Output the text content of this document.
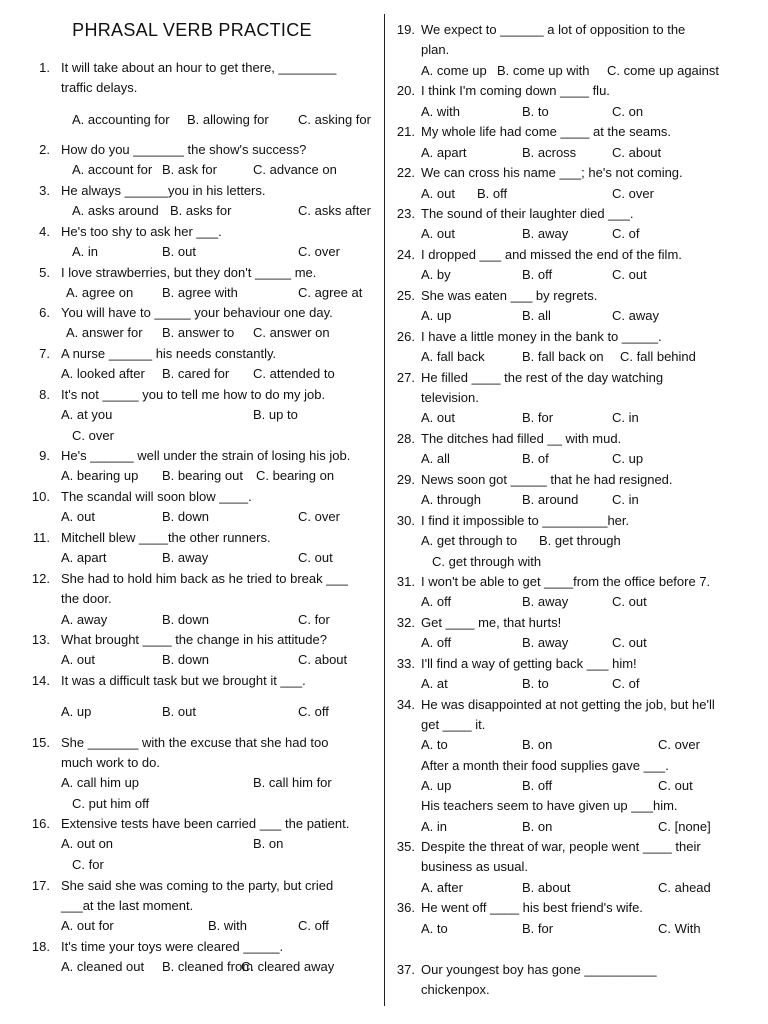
PHRASAL VERB PRACTICE
1. It will take about an hour to get there, ________
traffic delays.
A. accounting for B. allowing for C. asking for
2. How do you _______ the show's success?
A. account for B. ask for	C. advance on
3. He always ______you in his letters.
A. asks around B. asks for	C. asks after
4. He's too shy to ask her ___.
A. in	B. out	C. over
5. I love strawberries, but they don't _____ me.
A. agree on B. agree with	C. agree at
6. You will have to _____ your behaviour one day.
A. answer for B. answer to C. answer on
7. A nurse ______ his needs constantly.
A. looked after B. cared for C. attended to
8. It's not _____ you to tell me how to do my job.
A. at you	B. up to
C. over
9. He's ______ well under the strain of losing his job.
A. bearing up B. bearing out C. bearing on
10. The scandal will soon blow ____.
A. out	B. down	C. over
11. Mitchell blew ____the other runners.
A. apart	B. away	C. out
12. She had to hold him back as he tried to break ___
the door.
A. away	B. down	C. for
13. What brought ____ the change in his attitude?
A. out	B. down	C. about
14. It was a difficult task but we brought it ___.
A. up	B. out	C. off
15. She _______ with the excuse that she had too
much work to do.
A. call him up	B. call him for
C. put him off
16. Extensive tests have been carried ___ the patient.
A. out on	B. on
C. for
17. She said she was coming to the party, but cried
___at the last moment.
A. out for	B. with	C. off
18. It's time your toys were cleared _____.
A. cleaned out B. cleaned from
C. cleared away
19. We expect to ______ a lot of opposition to the
plan.
A. come up B. come up with C. come up against
20. I think I'm coming down ____ flu.
A. with	B. to	C. on
21. My whole life had come ____ at the seams.
A. apart	B. across	C. about
22. We can cross his name ___; he's not coming.
A. out B. off	C. over
23. The sound of their laughter died ___.
A. out	B. away	C. of
24. I dropped ___ and missed the end of the film.
A. by	B. off	C. out
25. She was eaten ___ by regrets.
A. up	B. all	C. away
26. I have a little money in the bank to _____.
A. fall back	B. fall back on C. fall behind
27. He filled ____ the rest of the day watching
television.
A. out	B. for	C. in
28. The ditches had filled __ with mud.
A. all	B. of	C. up
29. News soon got _____ that he had resigned.
A. through	B. around	C. in
30. I find it impossible to _________her.
A. get through to B. get through
C. get through with
31. I won't be able to get ____from the office before 7.
A. off	B. away	C. out
32. Get ____ me, that hurts!
A. off	B. away	C. out
33. I'll find a way of getting back ___ him!
A. at	B. to	C. of
34. He was disappointed at not getting the job, but he'll
get ____ it.
A. to	B. on	C. over
After a month their food supplies gave ___.
A. up	B. off	C. out
His teachers seem to have given up ___him.
A. in	B. on	C. [none]
35. Despite the threat of war, people went ____ their
business as usual.
A. after	B. about	C. ahead
36. He went off ____ his best friend's wife.
A. to	B. for	C. With
37. Our youngest boy has gone __________
chickenpox.
